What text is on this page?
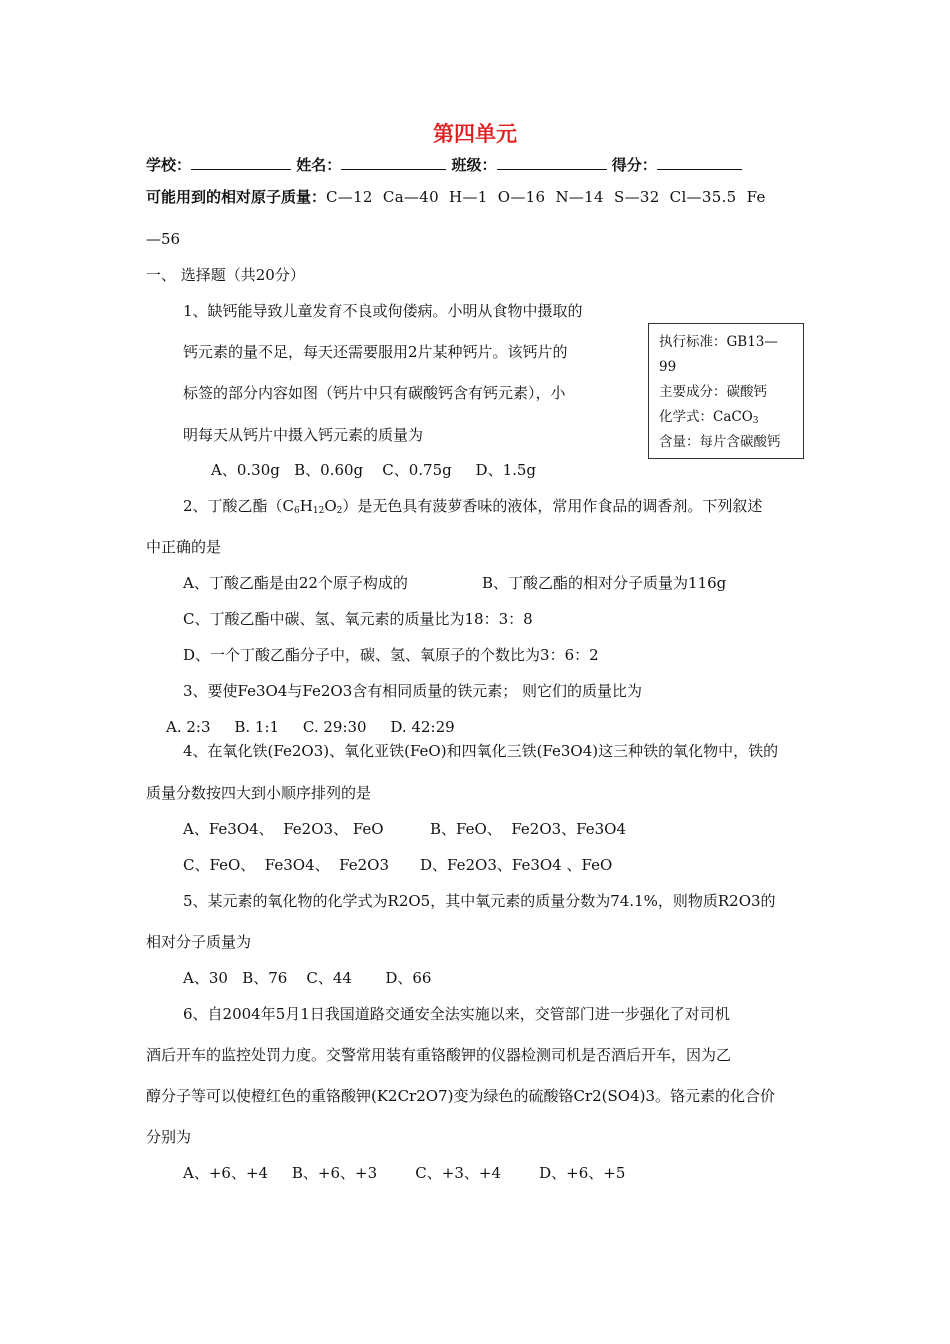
第四单元
学校：	姓名：	班级：	得分：
可能用到的相对原子质量：C—12  Ca—40  H—1  O—16  N—14  S—32  Cl—35.5  Fe
—56
一、 选择题（共20分）
1、缺钙能导致儿童发育不良或佝偻病。小明从食物中摄取的
钙元素的量不足，每天还需要服用2片某种钙片。该钙片的
标签的部分内容如图（钙片中只有碳酸钙含有钙元素），小
明每天从钙片中摄入钙元素的质量为
A、0.30g   B、0.60g    C、0.75g     D、1.5g
执行标准：GB13—
99
主要成分：碳酸钙
化学式：CaCO$_3$
含量：每片含碳酸钙
2、丁酸乙酯$(C_6H_{12}O_2)$是无色具有菠萝香味的液体，常用作食品的调香剂。下列叙述
中正确的是
A、丁酸乙酯是由22个原子构成的	B、丁酸乙酯的相对分子质量为116g
C、丁酸乙酯中碳、氢、氧元素的质量比为18：3：8
D、一个丁酸乙酯分子中，碳、氢、氧原子的个数比为3：6：2
3、要使Fe3O4与Fe2O3含有相同质量的铁元素； 则它们的质量比为
A. 2:3     B. 1:1     C. 29:30     D. 42:29
4、在氧化铁(Fe2O3)、氧化亚铁(FeO)和四氧化三铁(Fe3O4)这三种铁的氧化物中，铁的
质量分数按四大到小顺序排列的是
A、Fe3O4、  Fe2O3、 FeO	B、FeO、  Fe2O3、Fe3O4
C、FeO、  Fe3O4、  Fe2O3 D、Fe2O3、Fe3O4 、FeO
5、某元素的氧化物的化学式为R2O5，其中氧元素的质量分数为74.1%，则物质R2O3的
相对分子质量为
A、30   B、76    C、44       D、66
6、自2004年5月1日我国道路交通安全法实施以来，交管部门进一步强化了对司机
酒后开车的监控处罚力度。交警常用装有重铬酸钾的仪器检测司机是否酒后开车，因为乙
醇分子等可以使橙红色的重铬酸钾(K2Cr2O7)变为绿色的硫酸铬Cr2(SO4)3。铬元素的化合价
分别为
A、+6、+4     B、+6、+3        C、+3、+4        D、+6、+5
